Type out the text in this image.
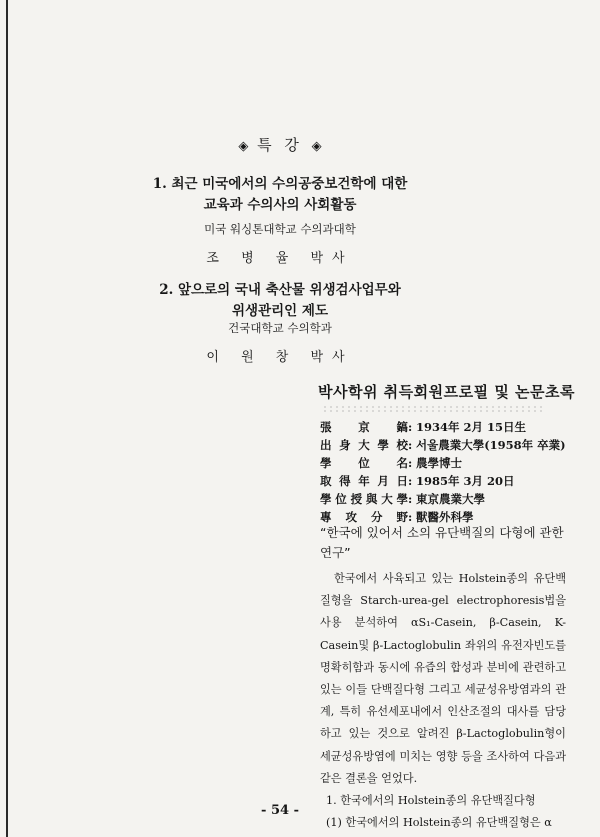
◈ 특 강 ◈
1. 최근 미국에서의 수의공중보건학에 대한
교육과 수의사의 사회활동
미국 워싱톤대학교 수의과대학
조 병 율 박사
2. 앞으로의 국내 축산물 위생검사업무와
위생관리인 제도
건국대학교 수의학과
이 원 창 박사
박사학위 취득회원프로필 및 논문초록
張 京 鎬 : 1934年 2月 15日生
出 身 大 學 校 : 서울農業大學(1958年 卒業)
學 位 名 : 農學博士
取 得 年 月 日 : 1985年 3月 20日
學 位 授 與 大 學 : 東京農業大學
專 攻 分 野 : 獸醫外科學
“한국에 있어서 소의 유단백질의 다형에 관한 연구”

한국에서 사육되고 있는 Holstein종의 유단백질형을 Starch-urea-gel electrophoresis법을 사용 분석하여 αS₁-Casein, β-Casein, K-Casein및 β-Lactoglobulin 좌위의 유전자빈도를 명확히함과 동시에 유즙의 합성과 분비에 관련하고있는 이들 단백질다형 그리고 세균성유방염과의 관계, 특히 유선세포내에서 인산조절의 대사를 담당하고 있는 것으로 알려진 β-Lactoglobulin형이 세균성유방염에 미치는 영향 등을 조사하여 다음과 같은 결론을 얻었다.

1. 한국에서의 Holstein종의 유단백질다형

(1) 한국에서의 Holstein종의 유단백질형은 α

- 54 -
